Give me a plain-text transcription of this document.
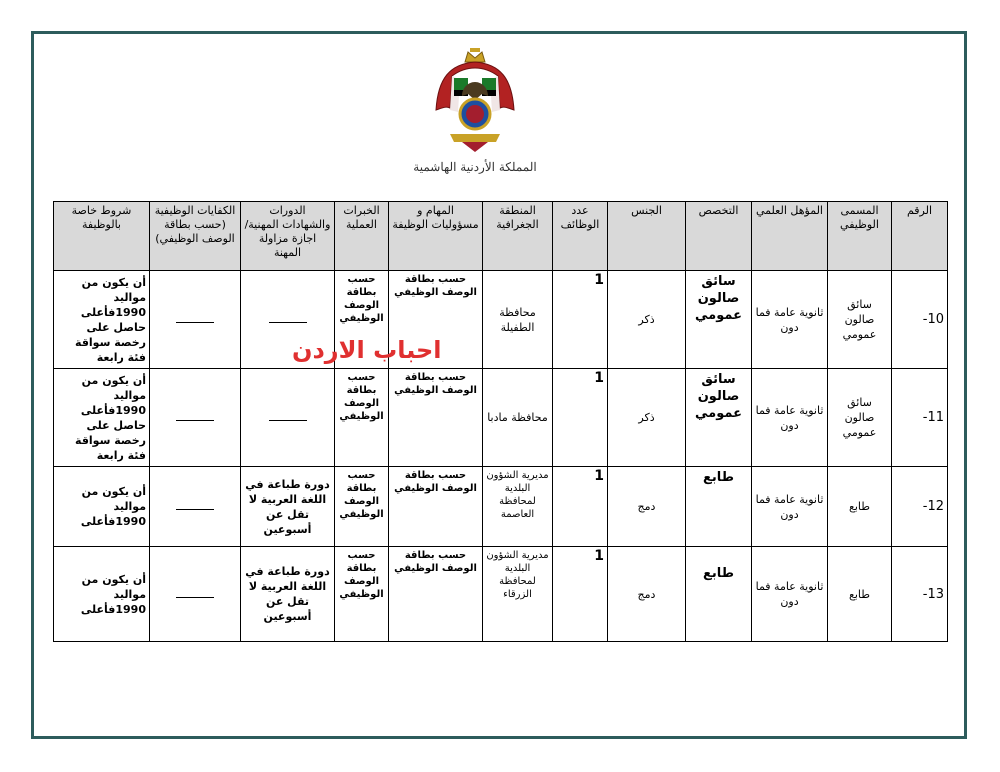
المملكة الأردنية الهاشمية
الرقم	المسمى الوظيفي	المؤهل العلمي	التخصص	الجنس	عدد الوظائف	المنطقة الجغرافية	المهام و مسؤوليات الوظيفة	الخبرات العملية	الدورات والشهادات المهنية/اجازة مزاولة المهنة	الكفايات الوظيفية (حسب بطاقة الوصف الوظيفي)	شروط خاصة بالوظيفة
10-	سائق صالون عمومي	ثانوية عامة فما دون	سائق صالون عمومي	ذكر	1	محافظة الطفيلة	حسب بطاقة الوصف الوظيفي	حسب بطاقة الوصف الوظيفي			أن يكون من مواليد 1990فأعلى حاصل على رخصة سواقة فئة رابعة
11-	سائق صالون عمومي	ثانوية عامة فما دون	سائق صالون عمومي	ذكر	1	محافظة مادبا	حسب بطاقة الوصف الوظيفي	حسب بطاقة الوصف الوظيفي			أن يكون من مواليد 1990فأعلى حاصل على رخصة سواقة فئة رابعة
12-	طابع	ثانوية عامة فما دون	طابع	دمج	1	مديرية الشؤون البلدية لمحافظة العاصمة	حسب بطاقة الوصف الوظيفي	حسب بطاقة الوصف الوظيفي	دورة طباعة في اللغة العربية لا تقل عن أسبوعين		أن يكون من مواليد 1990فأعلى
13-	طابع	ثانوية عامة فما دون	طابع	دمج	1	مديرية الشؤون البلدية لمحافظة الزرقاء	حسب بطاقة الوصف الوظيفي	حسب بطاقة الوصف الوظيفي	دورة طباعة في اللغة العربية لا تقل عن أسبوعين		أن يكون من مواليد 1990فأعلى
احباب الاردن
